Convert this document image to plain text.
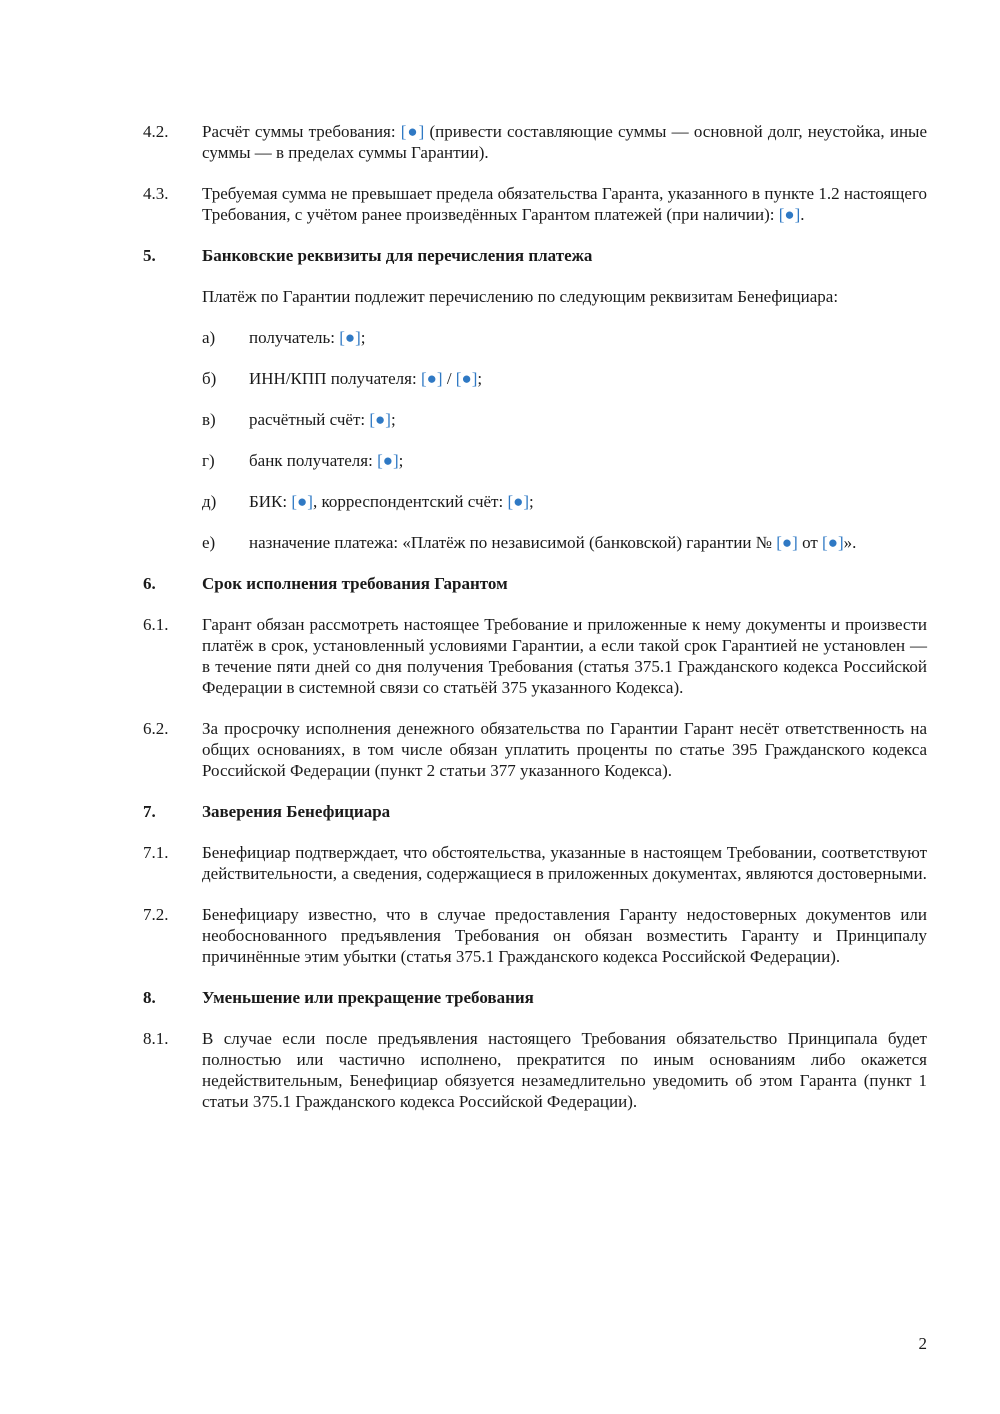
4.2.	Расчёт суммы требования: [●] (привести составляющие суммы — основной долг, неустойка, иные суммы — в пределах суммы Гарантии).
4.3.	Требуемая сумма не превышает предела обязательства Гаранта, указанного в пункте 1.2 настоящего Требования, с учётом ранее произведённых Гарантом платежей (при наличии): [●].
5.	Банковские реквизиты для перечисления платежа
Платёж по Гарантии подлежит перечислению по следующим реквизитам Бенефициара:
а)	получатель: [●];
б)	ИНН/КПП получателя: [●] / [●];
в)	расчётный счёт: [●];
г)	банк получателя: [●];
д)	БИК: [●], корреспондентский счёт: [●];
е)	назначение платежа: «Платёж по независимой (банковской) гарантии № [●] от [●]».
6.	Срок исполнения требования Гарантом
6.1.	Гарант обязан рассмотреть настоящее Требование и приложенные к нему документы и произвести платёж в срок, установленный условиями Гарантии, а если такой срок Гарантией не установлен — в течение пяти дней со дня получения Требования (статья 375.1 Гражданского кодекса Российской Федерации в системной связи со статьёй 375 указанного Кодекса).
6.2.	За просрочку исполнения денежного обязательства по Гарантии Гарант несёт ответственность на общих основаниях, в том числе обязан уплатить проценты по статье 395 Гражданского кодекса Российской Федерации (пункт 2 статьи 377 указанного Кодекса).
7.	Заверения Бенефициара
7.1.	Бенефициар подтверждает, что обстоятельства, указанные в настоящем Требовании, соответствуют действительности, а сведения, содержащиеся в приложенных документах, являются достоверными.
7.2.	Бенефициару известно, что в случае предоставления Гаранту недостоверных документов или необоснованного предъявления Требования он обязан возместить Гаранту и Принципалу причинённые этим убытки (статья 375.1 Гражданского кодекса Российской Федерации).
8.	Уменьшение или прекращение требования
8.1.	В случае если после предъявления настоящего Требования обязательство Принципала будет полностью или частично исполнено, прекратится по иным основаниям либо окажется недействительным, Бенефициар обязуется незамедлительно уведомить об этом Гаранта (пункт 1 статьи 375.1 Гражданского кодекса Российской Федерации).
2
